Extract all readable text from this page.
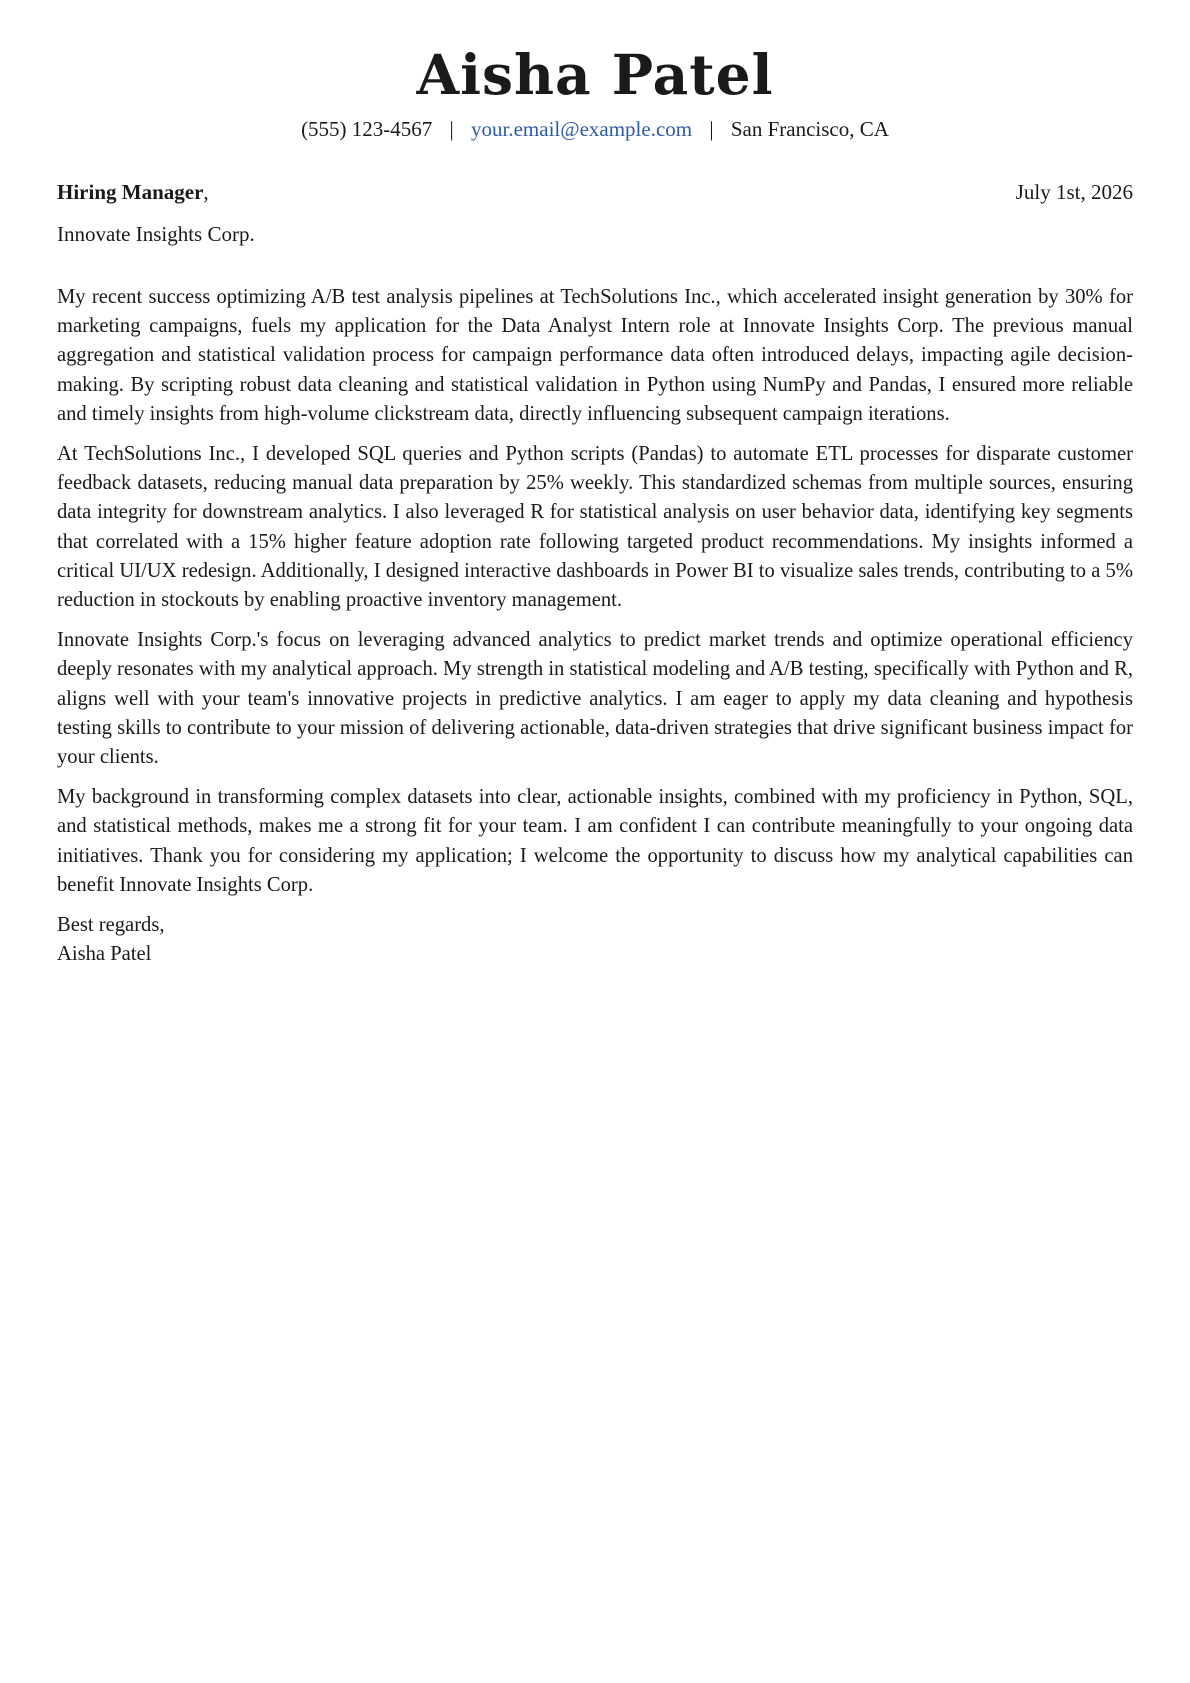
Aisha Patel
(555) 123-4567 | your.email@example.com | San Francisco, CA
Hiring Manager,	July 1st, 2026
Innovate Insights Corp.

My recent success optimizing A/B test analysis pipelines at TechSolutions Inc., which accelerated insight generation by 30% for marketing campaigns, fuels my application for the Data Analyst Intern role at Innovate Insights Corp. The previous manual aggregation and statistical validation process for campaign performance data often introduced delays, impacting agile decision-making. By scripting robust data cleaning and statistical validation in Python using NumPy and Pandas, I ensured more reliable and timely insights from high-volume clickstream data, directly influencing subsequent campaign iterations.

At TechSolutions Inc., I developed SQL queries and Python scripts (Pandas) to automate ETL processes for disparate customer feedback datasets, reducing manual data preparation by 25% weekly. This standardized schemas from multiple sources, ensuring data integrity for downstream analytics. I also leveraged R for statistical analysis on user behavior data, identifying key segments that correlated with a 15% higher feature adoption rate following targeted product recommendations. My insights informed a critical UI/UX redesign. Additionally, I designed interactive dashboards in Power BI to visualize sales trends, contributing to a 5% reduction in stockouts by enabling proactive inventory management.

Innovate Insights Corp.'s focus on leveraging advanced analytics to predict market trends and optimize operational efficiency deeply resonates with my analytical approach. My strength in statistical modeling and A/B testing, specifically with Python and R, aligns well with your team's innovative projects in predictive analytics. I am eager to apply my data cleaning and hypothesis testing skills to contribute to your mission of delivering actionable, data-driven strategies that drive significant business impact for your clients.

My background in transforming complex datasets into clear, actionable insights, combined with my proficiency in Python, SQL, and statistical methods, makes me a strong fit for your team. I am confident I can contribute meaningfully to your ongoing data initiatives. Thank you for considering my application; I welcome the opportunity to discuss how my analytical capabilities can benefit Innovate Insights Corp.

Best regards,
Aisha Patel
